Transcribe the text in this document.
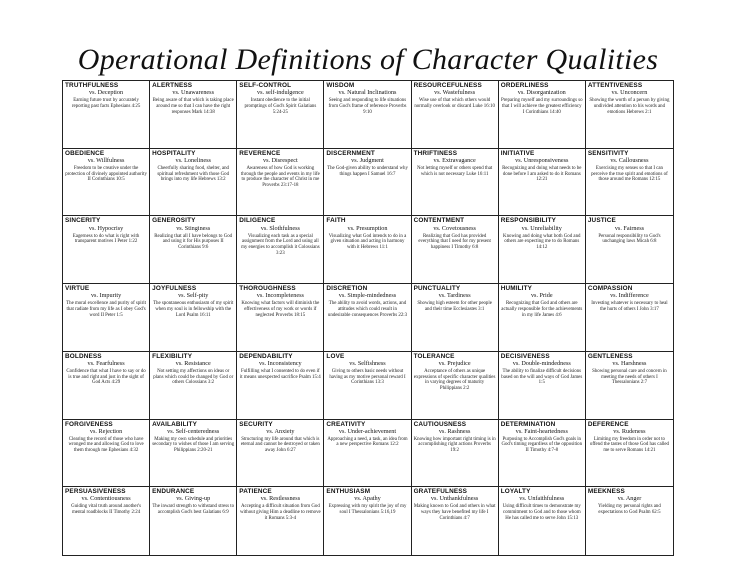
Operational Definitions of Character Qualities
TRUTHFULNESS
vs. Deception
Earning future trust by accurately reporting past facts Ephesians 4:25
ALERTNESS
vs. Unawareness
Being aware of that which is taking place around me so that I can have the right responses Mark 14:38
SELF-CONTROL
vs. self-indulgence
Instant obedience to the initial promptings of God's Spirit Galatians 5:24-25
WISDOM
vs. Natural Inclinations
Seeing and responding to life situations from God's frame of reference Proverbs 9:10
RESOURCEFULNESS
vs. Wastefulness
Wise use of that which others would normally overlook or discard Luke 16:10
ORDERLINESS
vs. Disorganization
Preparing myself and my surroundings so that I will achieve the greatest efficiency I Corinthians 14:40
ATTENTIVENESS
vs. Unconcern
Showing the worth of a person by giving undivided attention to his words and emotions Hebrews 2:1
OBEDIENCE
vs. Willfulness
Freedom to be creative under the protection of divinely appointed authority II Corinthians 10:5
HOSPITALITY
vs. Loneliness
Cheerfully sharing food, shelter, and spiritual refreshment with those God brings into my life Hebrews 13:2
REVERENCE
vs. Disrespect
Awareness of how God is working through the people and events in my life to produce the character of Christ in me Proverbs 23:17-18
DISCERNMENT
vs. Judgment
The God-given ability to understand why things happen I Samuel 16:7
THRIFTINESS
vs. Extravagance
Not letting myself or others spend that which is not necessary Luke 16:11
INITIATIVE
vs. Unresponsiveness
Recognizing and doing what needs to be done before I am asked to do it Romans 12:21
SENSITIVITY
vs. Callousness
Exercising my senses so that I can perceive the true spirit and emotions of those around me Romans 12:15
SINCERITY
vs. Hypocrisy
Eagerness to do what is right with transparent motives I Peter 1:22
GENEROSITY
vs. Stinginess
Realizing that all I have belongs to God and using it for His purposes II Corinthians 9:6
DILIGENCE
vs. Slothfulness
Visualizing each task as a special assignment from the Lord and using all my energies to accomplish it Colossians 3:23
FAITH
vs. Presumption
Visualizing what God intends to do in a given situation and acting in harmony with it Hebrews 11:1
CONTENTMENT
vs. Covetousness
Realizing that God has provided everything that I need for my present happiness I Timothy 6:8
RESPONSIBILITY
vs. Unreliability
Knowing and doing what both God and others are expecting me to do Romans 14:12
JUSTICE
vs. Fairness
Personal responsibility to God's unchanging laws Micah 6:8
VIRTUE
vs. Impurity
The moral excellence and purity of spirit that radiate from my life as I obey God's word II Peter 1:5
JOYFULNESS
vs. Self-pity
The spontaneous enthusiasm of my spirit when my soul is in fellowship with the Lord Psalm 16:11
THOROUGHNESS
vs. Incompleteness
Knowing what factors will diminish the effectiveness of my work or words if neglected Proverbs 18:15
DISCRETION
vs. Simple-mindedness
The ability to avoid words, actions, and attitudes which could result in undesirable consequences Proverbs 22:3
PUNCTUALITY
vs. Tardiness
Showing high esteem for other people and their time Ecclesiastes 3:1
HUMILITY
vs. Pride
Recognizing that God and others are actually responsible for the achievements in my life James 4:6
COMPASSION
vs. Indifference
Investing whatever is necessary to heal the hurts of others I John 3:17
BOLDNESS
vs. Fearfulness
Confidence that what I have to say or do is true and right and just in the sight of God Acts 4:29
FLEXIBILITY
vs. Resistance
Not setting my affections on ideas or plans which could be changed by God or others Colossians 3:2
DEPENDABILITY
vs. Inconsistency
Fulfilling what I consented to do even if it means unexpected sacrifice Psalm 15:4
LOVE
vs. Selfishness
Giving to others basic needs without having as my motive personal reward I Corinthians 13:3
TOLERANCE
vs. Prejudice
Acceptance of others as unique expressions of specific character qualities in varying degrees of maturity Philippians 2:2
DECISIVENESS
vs. Double-mindedness
The ability to finalize difficult decisions based on the will and ways of God James 1:5
GENTLENESS
vs. Harshness
Showing personal care and concern in meeting the needs of others I Thessalonians 2:7
FORGIVENESS
vs. Rejection
Clearing the record of those who have wronged me and allowing God to love them through me Ephesians 4:32
AVAILABILITY
vs. Self-centeredness
Making my own schedule and priorities secondary to wishes of those I am serving Philippians 2:20-21
SECURITY
vs. Anxiety
Structuring my life around that which is eternal and cannot be destroyed or taken away John 6:27
CREATIVITY
vs. Under-achievement
Approaching a need, a task, an idea from a new perspective Romans 12:2
CAUTIOUSNESS
vs. Rashness
Knowing how important right timing is in accomplishing right actions Proverbs 19:2
DETERMINATION
vs. Faint-heartedness
Purposing to Accomplish God's goals in God's timing regardless of the opposition II Timothy 4:7-8
DEFERENCE
vs. Rudeness
Limiting my freedom in order not to offend the tastes of those God has called me to serve Romans 14:21
PERSUASIVENESS
vs. Contentiousness
Guiding vital truth around another's mental roadblocks II Timothy 2:24
ENDURANCE
vs. Giving-up
The inward strength to withstand stress to accomplish God's best Galatians 6:9
PATIENCE
vs. Restlessness
Accepting a difficult situation from God without giving Him a deadline to remove it Romans 5:3-4
ENTHUSIASM
vs. Apathy
Expressing with my spirit the joy of my soul I Thessalonians 5:16,19
GRATEFULNESS
vs. Unthankfulness
Making known to God and others in what ways they have benefited my life I Corinthians 4:7
LOYALTY
vs. Unfaithfulness
Using difficult times to demonstrate my commitment to God and to those whom He has called me to serve John 15:13
MEEKNESS
vs. Anger
Yielding my personal rights and expectations to God Psalm 62:5
